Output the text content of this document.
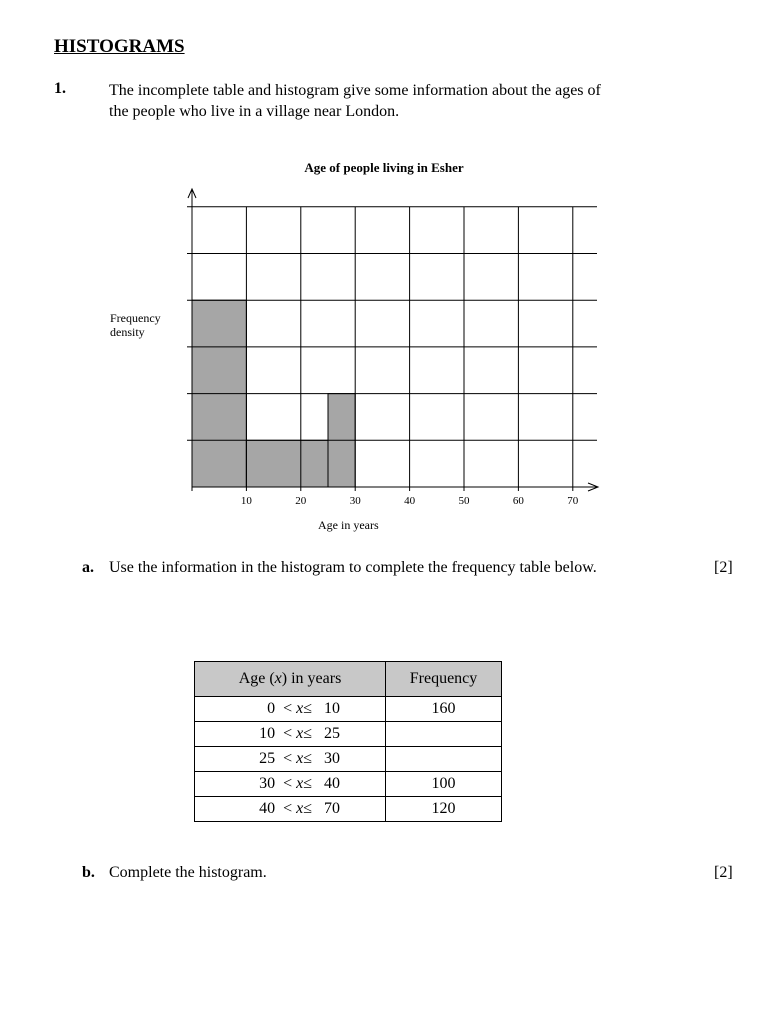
HISTOGRAMS
1.	The incomplete table and histogram give some information about the ages of
the people who live in a village near London.
Age of people living in Esher
10	20	30	40	50	60	70
Frequency density
Age in years
a. Use the information in the histogram to complete the frequency table below.	[2]
Age (x) in years	Frequency
0 < x≤ 10	160
10 < x≤ 25	
25 < x≤ 30	
30 < x≤ 40	100
40 < x≤ 70	120
b. Complete the histogram.	[2]
